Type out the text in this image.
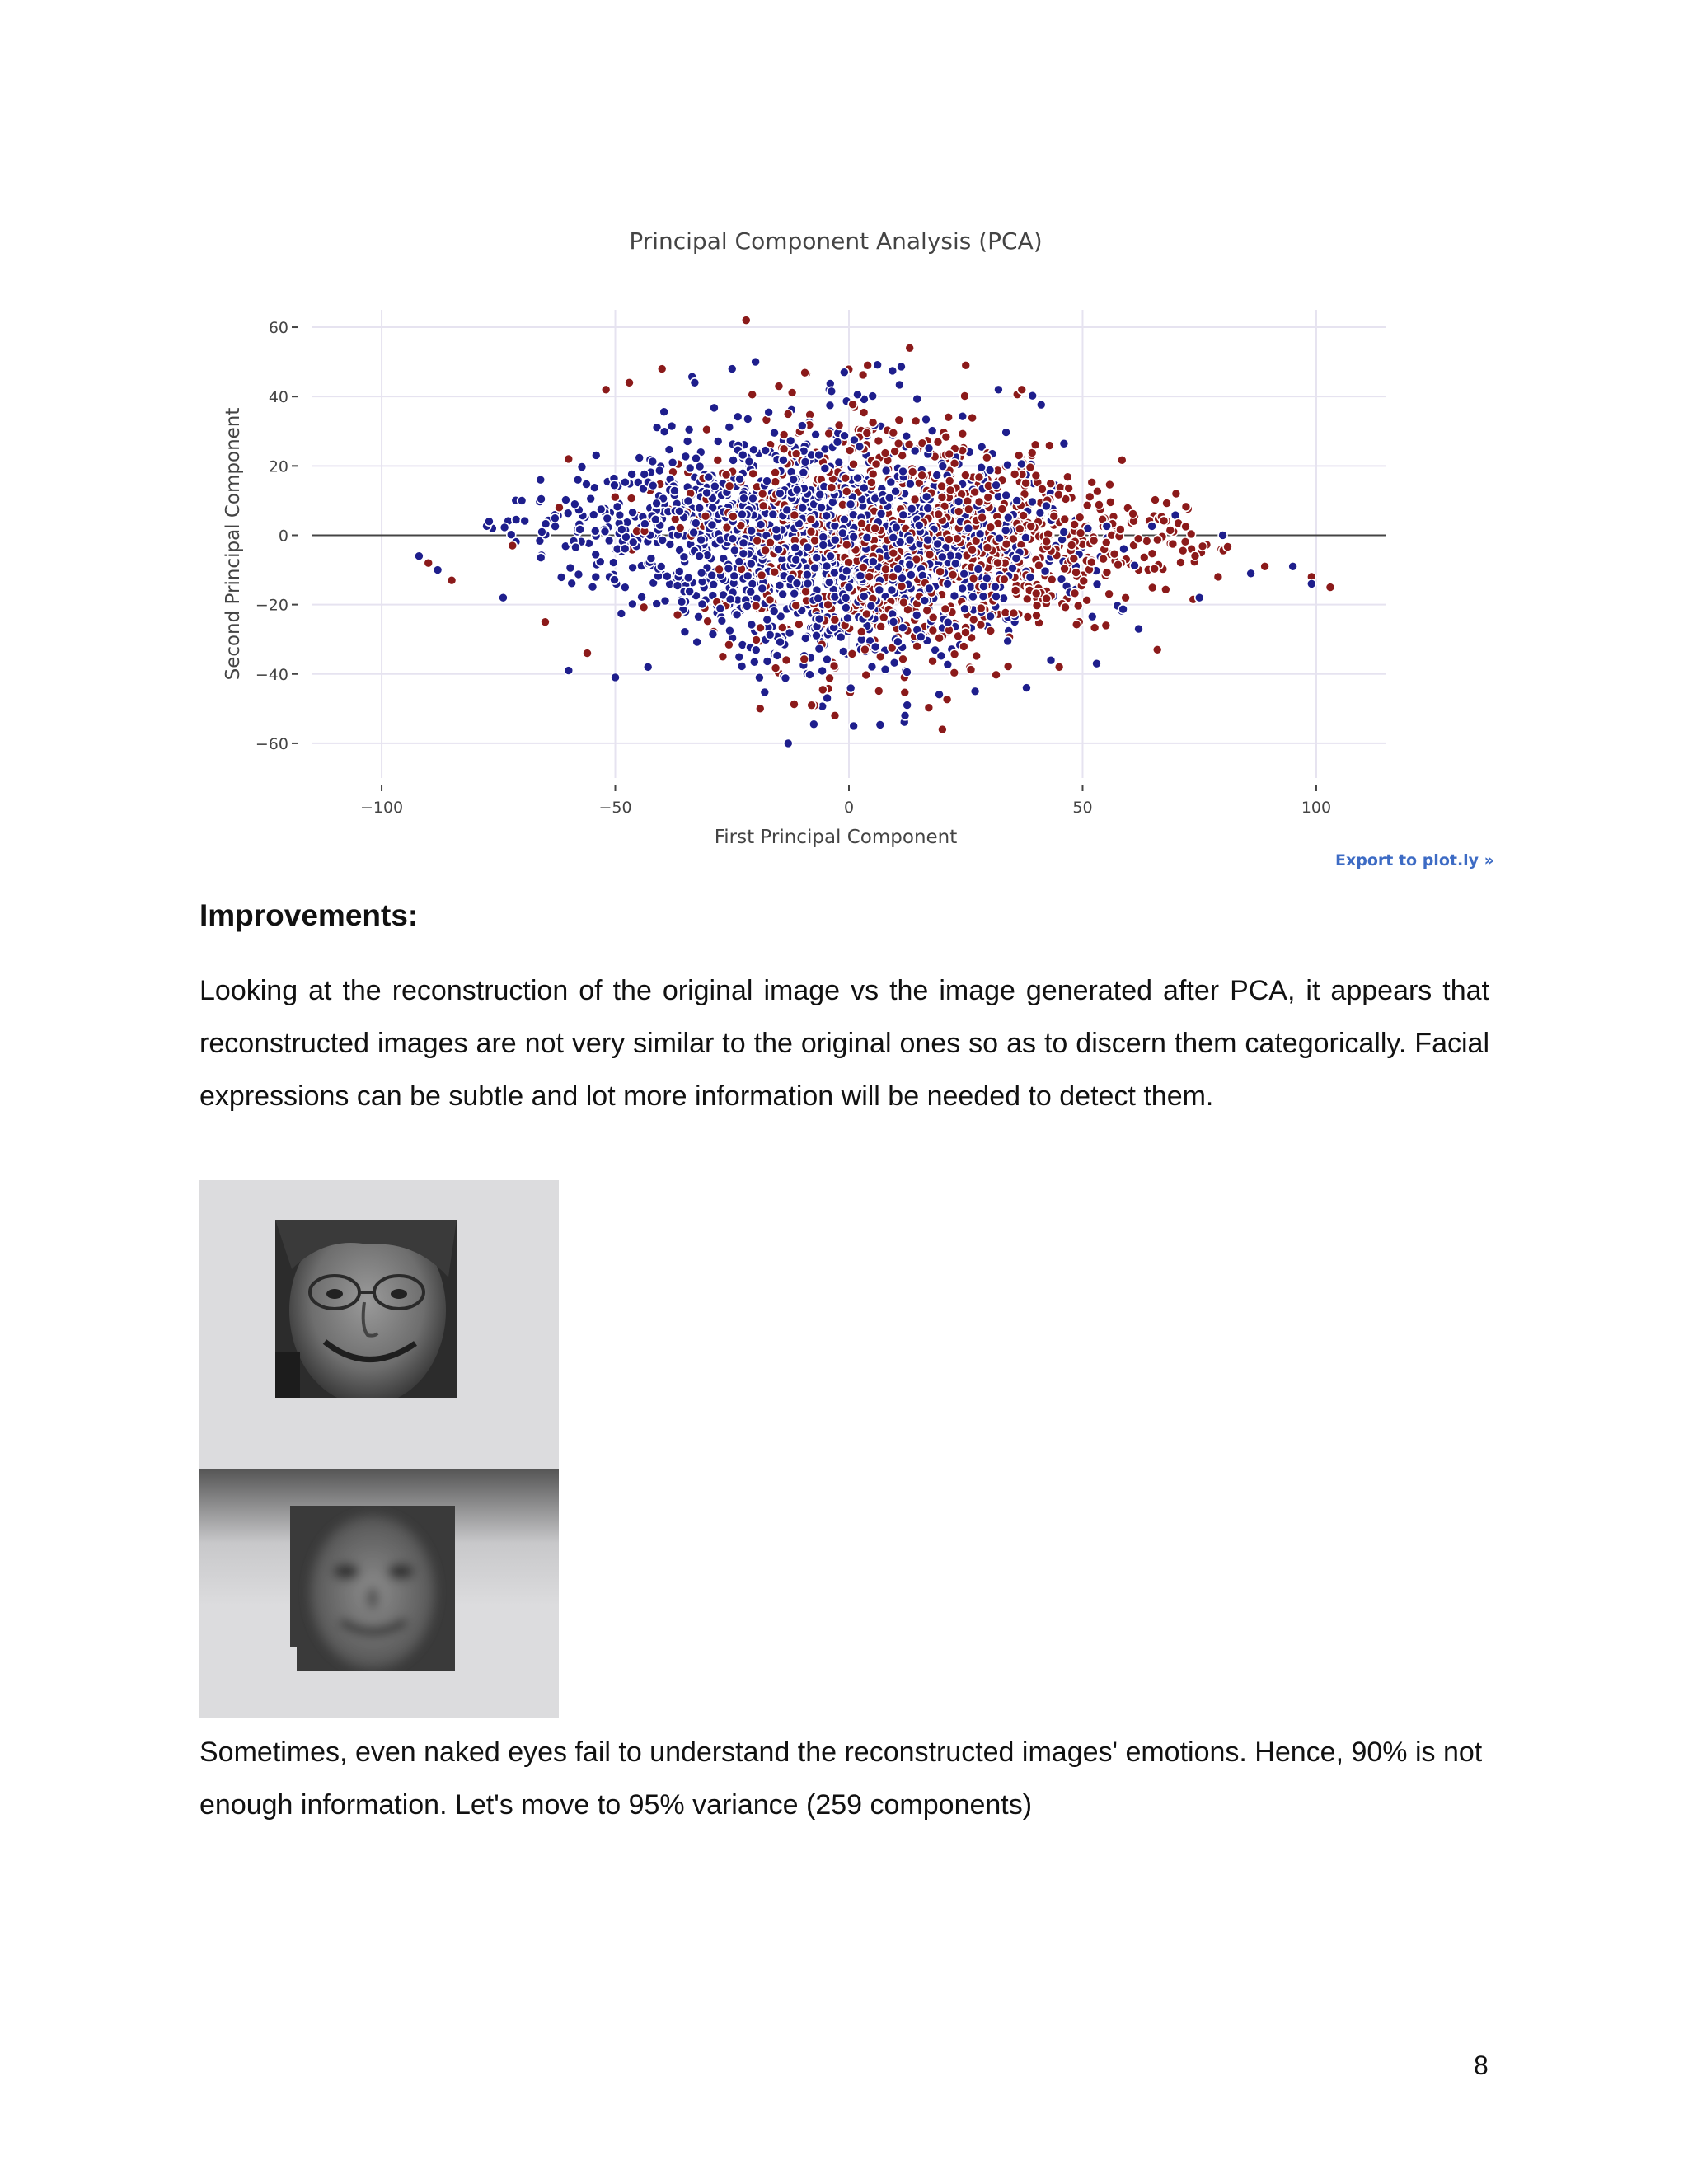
Principal Component Analysis (PCA)
−100	−50	0	50	100
−60
−40
−20
0
20
40
60
First Principal Component
Second Principal Component
Export to plot.ly »
Improvements:

Looking at the reconstruction of the original image vs the image generated after PCA, it appears that reconstructed images are not very similar to the original ones so as to discern them categorically. Facial expressions can be subtle and lot more information will be needed to detect them.

Sometimes, even naked eyes fail to understand the reconstructed images' emotions. Hence, 90% is not enough information. Let's move to 95% variance (259 components)

8
